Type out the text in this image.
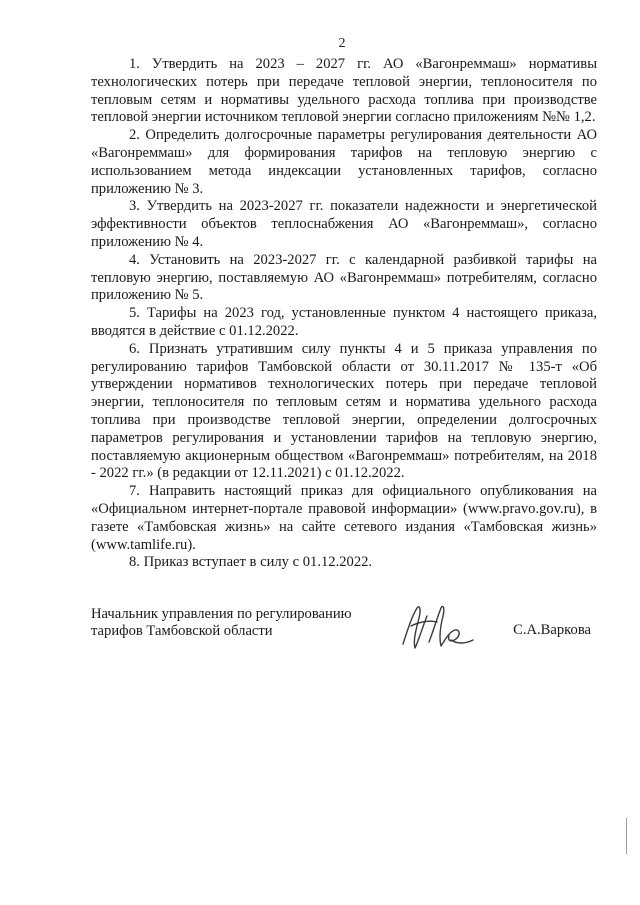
2

1. Утвердить на 2023 – 2027 гг. АО «Вагонреммаш» нормативы технологических потерь при передаче тепловой энергии, теплоносителя по тепловым сетям и нормативы удельного расхода топлива при производстве тепловой энергии источником тепловой энергии согласно приложениям №№ 1,2.

2. Определить долгосрочные параметры регулирования деятельности АО «Вагонреммаш» для формирования тарифов на тепловую энергию с использованием метода индексации установленных тарифов, согласно приложению № 3.

3. Утвердить на 2023-2027 гг. показатели надежности и энергетической эффективности объектов теплоснабжения АО «Вагонреммаш», согласно приложению № 4.

4. Установить на 2023-2027 гг. с календарной разбивкой тарифы на тепловую энергию, поставляемую АО «Вагонреммаш» потребителям, согласно приложению № 5.

5. Тарифы на 2023 год, установленные пунктом 4 настоящего приказа, вводятся в действие с 01.12.2022.

6. Признать утратившим силу пункты 4 и 5 приказа управления по регулированию тарифов Тамбовской области от 30.11.2017 № 135-т «Об утверждении нормативов технологических потерь при передаче тепловой энергии, теплоносителя по тепловым сетям и норматива удельного расхода топлива при производстве тепловой энергии, определении долгосрочных параметров регулирования и установлении тарифов на тепловую энергию, поставляемую акционерным обществом «Вагонреммаш» потребителям, на 2018 - 2022 гг.» (в редакции от 12.11.2021) с 01.12.2022.

7. Направить настоящий приказ для официального опубликования на «Официальном интернет-портале правовой информации» (www.pravo.gov.ru), в газете «Тамбовская жизнь» на сайте сетевого издания «Тамбовская жизнь» (www.tamlife.ru).

8. Приказ вступает в силу с 01.12.2022.

Начальник управления по регулированию
тарифов Тамбовской области	С.А.Варкова
